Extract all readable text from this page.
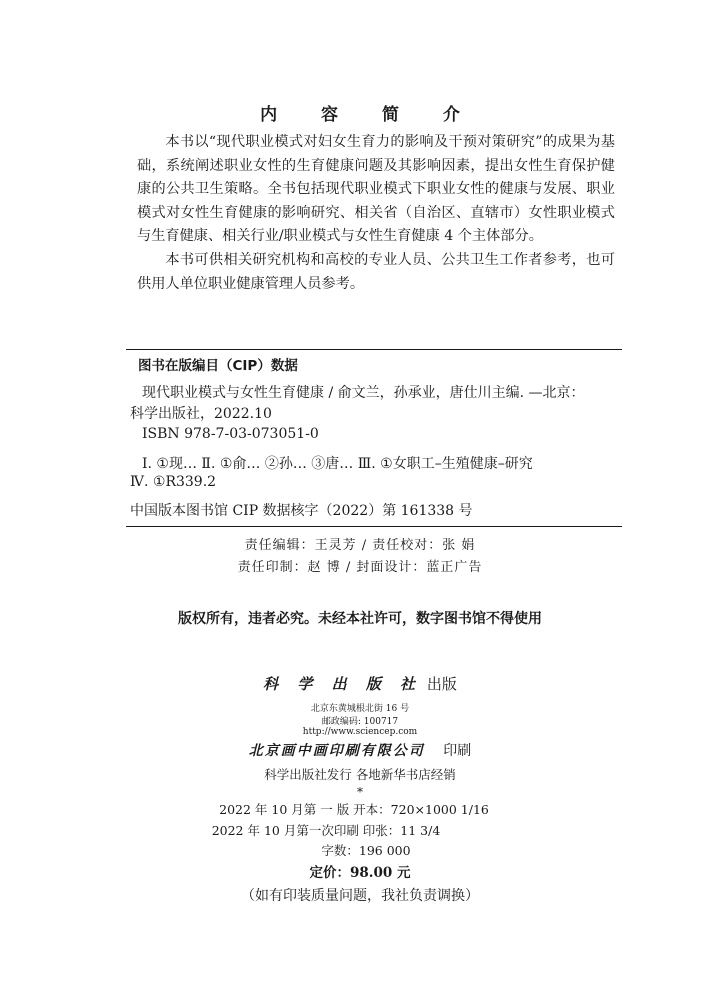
内 容 简 介

本书以“现代职业模式对妇女生育力的影响及干预对策研究”的成果为基础，系统阐述职业女性的生育健康问题及其影响因素，提出女性生育保护健康的公共卫生策略。全书包括现代职业模式下职业女性的健康与发展、职业模式对女性生育健康的影响研究、相关省（自治区、直辖市）女性职业模式与生育健康、相关行业/职业模式与女性生育健康 4 个主体部分。

本书可供相关研究机构和高校的专业人员、公共卫生工作者参考，也可供用人单位职业健康管理人员参考。

图书在版编目（CIP）数据
现代职业模式与女性生育健康 / 俞文兰，孙承业，唐仕川主编. —北京：
科学出版社，2022.10
ISBN 978-7-03-073051-0
Ⅰ. ①现… Ⅱ. ①俞… ②孙… ③唐… Ⅲ. ①女职工–生殖健康–研究
Ⅳ. ①R339.2
中国版本图书馆 CIP 数据核字（2022）第 161338 号
责任编辑：王灵芳 / 责任校对：张 娟
责任印制：赵 博 / 封面设计：蓝正广告
版权所有，违者必究。未经本社许可，数字图书馆不得使用
科 学 出 版 社 出版
北京东黄城根北街 16 号
邮政编码: 100717
http://www.sciencep.com
北京画中画印刷有限公司 印刷
科学出版社发行 各地新华书店经销
*
2022 年 10 月第 一 版 开本：720×1000 1/16
2022 年 10 月第一次印刷 印张：11 3/4
字数：196 000
定价：98.00 元
（如有印装质量问题，我社负责调换）
